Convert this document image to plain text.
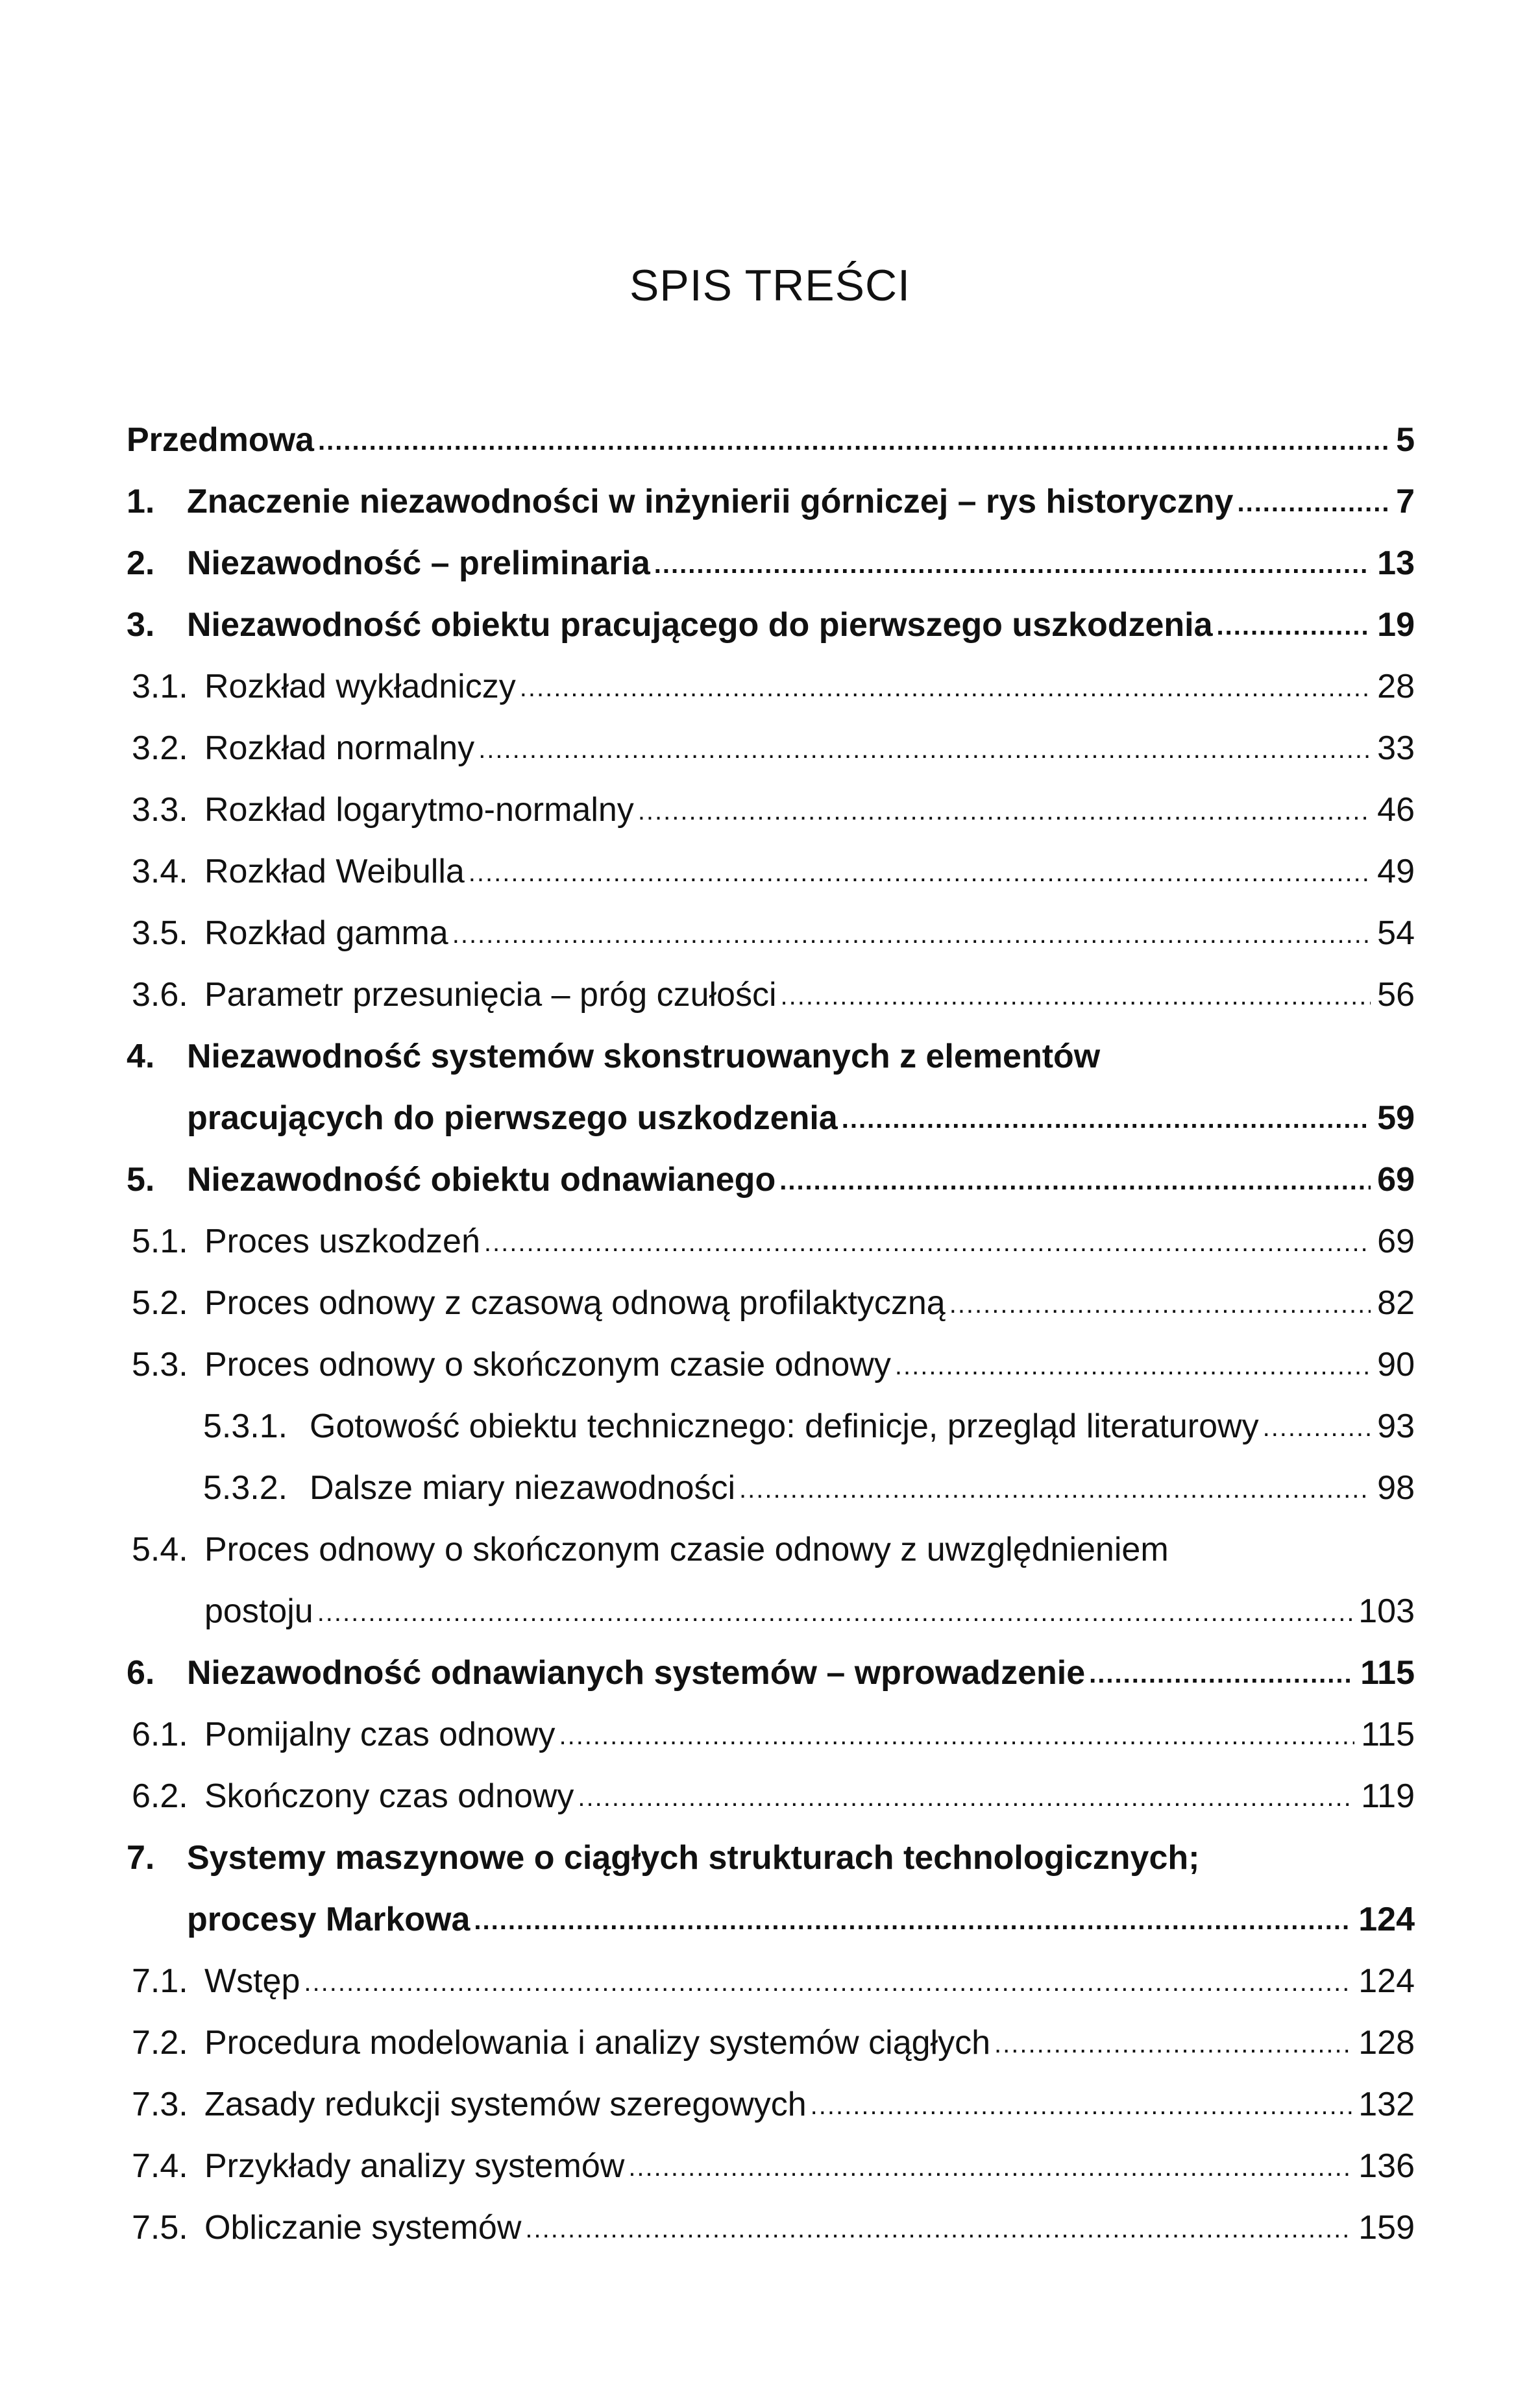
SPIS TREŚCI
Przedmowa .....	5
1. Znaczenie niezawodności w inżynierii górniczej – rys historyczny .....	7
2. Niezawodność – preliminaria .....	13
3. Niezawodność obiektu pracującego do pierwszego uszkodzenia .....	19
3.1. Rozkład wykładniczy .....	28
3.2. Rozkład normalny .....	33
3.3. Rozkład logarytmo-normalny .....	46
3.4. Rozkład Weibulla .....	49
3.5. Rozkład gamma .....	54
3.6. Parametr przesunięcia – próg czułości .....	56
4. Niezawodność systemów skonstruowanych z elementów
pracujących do pierwszego uszkodzenia .....	59
5. Niezawodność obiektu odnawianego .....	69
5.1. Proces uszkodzeń .....	69
5.2. Proces odnowy z czasową odnową profilaktyczną .....	82
5.3. Proces odnowy o skończonym czasie odnowy .....	90
5.3.1. Gotowość obiektu technicznego: definicje, przegląd literaturowy .....	93
5.3.2. Dalsze miary niezawodności .....	98
5.4. Proces odnowy o skończonym czasie odnowy z uwzględnieniem
postoju .....	103
6. Niezawodność odnawianych systemów – wprowadzenie .....	115
6.1. Pomijalny czas odnowy .....	115
6.2. Skończony czas odnowy .....	119
7. Systemy maszynowe o ciągłych strukturach technologicznych;
procesy Markowa .....	124
7.1. Wstęp .....	124
7.2. Procedura modelowania i analizy systemów ciągłych .....	128
7.3. Zasady redukcji systemów szeregowych .....	132
7.4. Przykłady analizy systemów .....	136
7.5. Obliczanie systemów .....	159
